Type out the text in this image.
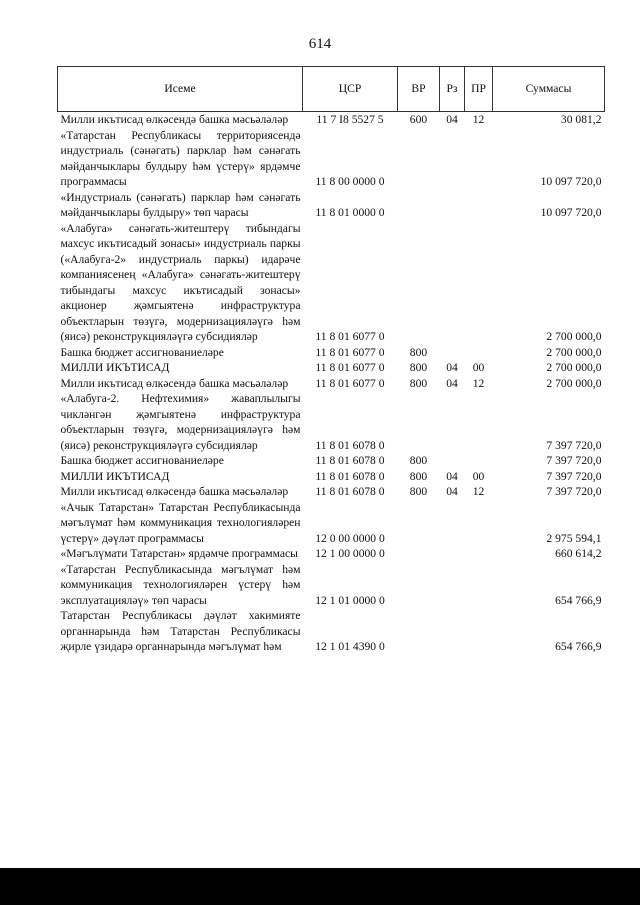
614
Исеме	ЦСР	ВР	Рз	ПР	Суммасы
Милли икътисад өлкәсендә башка мәсьәләләр	11 7 I8 5527 5	600	04	12	30 081,2
«Татарстан Республикасы территориясендә индустриаль (сәнәгать) парклар һәм сәнәгать мәйданчыклары булдыру һәм үстерү» ярдәмче программасы	11 8 00 0000 0				10 097 720,0
«Индустриаль (сәнәгать) парклар һәм сәнәгать мәйданчыклары булдыру» төп чарасы	11 8 01 0000 0				10 097 720,0
«Алабуга» сәнәгать-житештерү тибындагы махсус икътисадый зонасы» индустриаль паркы («Алабуга-2» индустриаль паркы) идарәче компаниясенең «Алабуга» сәнәгать-житештерү тибындагы махсус икътисадый зонасы» акционер җәмгыятенә инфраструктура объектларын төзүгә, модернизацияләүгә һәм (яисә) реконструкцияләүгә субсидияләр	11 8 01 6077 0				2 700 000,0
Башка бюджет ассигнованиеләре	11 8 01 6077 0	800			2 700 000,0
МИЛЛИ ИКЪТИСАД	11 8 01 6077 0	800	04	00	2 700 000,0
Милли икътисад өлкәсендә башка мәсьәләләр	11 8 01 6077 0	800	04	12	2 700 000,0
«Алабуга-2. Нефтехимия» жаваплылыгы чикләнгән җәмгыятенә инфраструктура объектларын төзүгә, модернизацияләүгә һәм (яисә) реконструкцияләүгә субсидияләр	11 8 01 6078 0				7 397 720,0
Башка бюджет ассигнованиеләре	11 8 01 6078 0	800			7 397 720,0
МИЛЛИ ИКЪТИСАД	11 8 01 6078 0	800	04	00	7 397 720,0
Милли икътисад өлкәсендә башка мәсьәләләр	11 8 01 6078 0	800	04	12	7 397 720,0
«Ачык Татарстан» Татарстан Республикасында мәгълүмат һәм коммуникация технологияләрен үстерү» дәүләт программасы	12 0 00 0000 0				2 975 594,1
«Мәгълүмати Татарстан» ярдәмче программасы	12 1 00 0000 0				660 614,2
«Татарстан Республикасында мәгълүмат һәм коммуникация технологияләрен үстерү һәм эксплуатацияләү» төп чарасы	12 1 01 0000 0				654 766,9
Татарстан Республикасы дәүләт хакимияте органнарында һәм Татарстан Республикасы җирле үзидарә органнарында мәгълүмат һәм	12 1 01 4390 0				654 766,9
